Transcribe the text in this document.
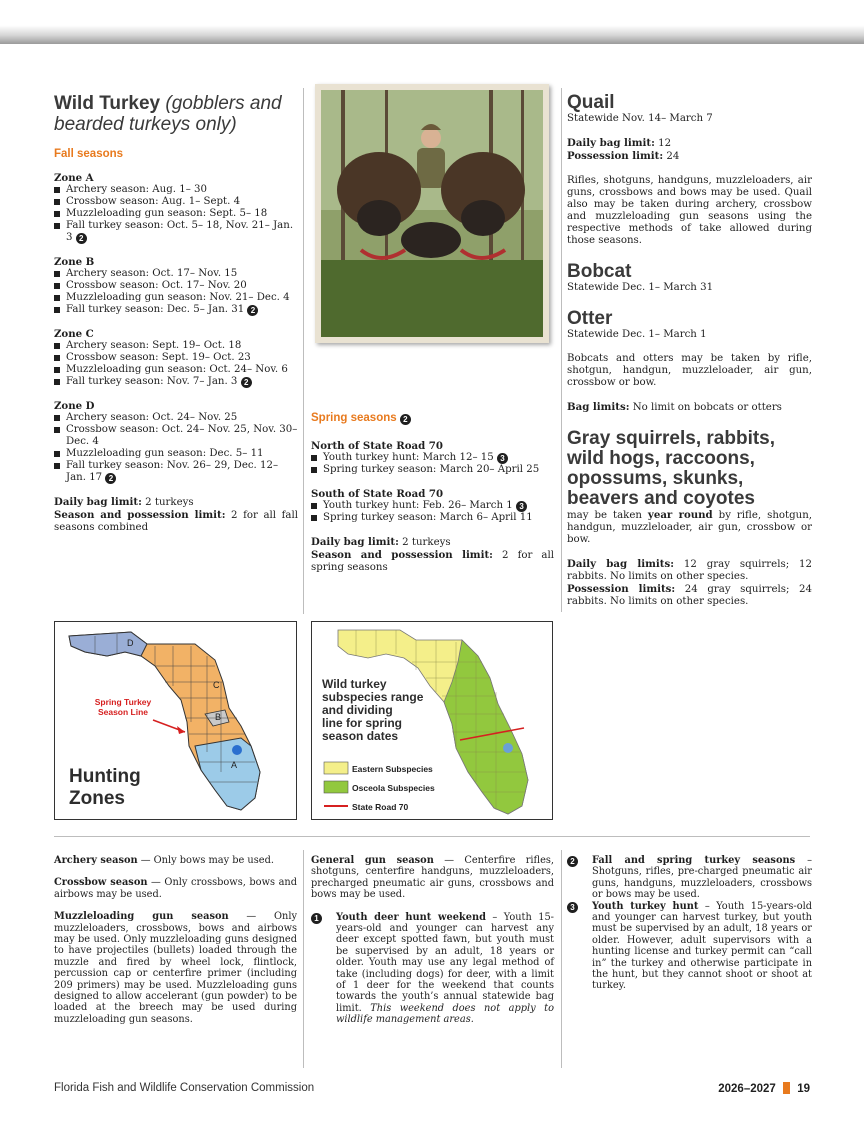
Wild Turkey (gobblers and bearded turkeys only)
Fall seasons
Zone A
Archery season: Aug. 1– 30
Crossbow season: Aug. 1– Sept. 4
Muzzleloading gun season: Sept. 5– 18
Fall turkey season: Oct. 5– 18, Nov. 21– Jan. 3 2
Zone B
Archery season: Oct. 17– Nov. 15
Crossbow season: Oct. 17– Nov. 20
Muzzleloading gun season: Nov. 21– Dec. 4
Fall turkey season: Dec. 5– Jan. 31 2
Zone C
Archery season: Sept. 19– Oct. 18
Crossbow season: Sept. 19– Oct. 23
Muzzleloading gun season: Oct. 24– Nov. 6
Fall turkey season: Nov. 7– Jan. 3 2
Zone D
Archery season: Oct. 24– Nov. 25
Crossbow season: Oct. 24– Nov. 25, Nov. 30– Dec. 4
Muzzleloading gun season: Dec. 5– 11
Fall turkey season: Nov. 26– 29, Dec. 12– Jan. 17 2
Daily bag limit: 2 turkeys
Season and possession limit: 2 for all fall seasons combined
D
C
B
A
Spring Turkey
Season Line
Hunting
Zones
Spring seasons 2
North of State Road 70
Youth turkey hunt: March 12– 15 3
Spring turkey season: March 20– April 25
South of State Road 70
Youth turkey hunt: Feb. 26– March 1 3
Spring turkey season: March 6– April 11
Daily bag limit: 2 turkeys
Season and possession limit: 2 for all spring seasons
Wild turkey subspecies range and dividing line for spring season dates
Eastern Subspecies
Osceola Subspecies
State Road 70
Quail
Statewide Nov. 14– March 7
Daily bag limit: 12
Possession limit: 24
Rifles, shotguns, handguns, muzzleloaders, air guns, crossbows and bows may be used. Quail also may be taken during archery, crossbow and muzzleloading gun seasons using the respective methods of take allowed during those seasons.
Bobcat
Statewide Dec. 1– March 31
Otter
Statewide Dec. 1– March 1
Bobcats and otters may be taken by rifle, shotgun, handgun, muzzleloader, air gun, crossbow or bow.
Bag limits: No limit on bobcats or otters
Gray squirrels, rabbits, wild hogs, raccoons, opossums, skunks, beavers and coyotes
may be taken year round by rifle, shotgun, handgun, muzzleloader, air gun, crossbow or bow.
Daily bag limits: 12 gray squirrels; 12 rabbits. No limits on other species.
Possession limits: 24 gray squirrels; 24 rabbits. No limits on other species.
Archery season — Only bows may be used.
Crossbow season — Only crossbows, bows and airbows may be used.
Muzzleloading gun season — Only muzzleloaders, crossbows, bows and airbows may be used. Only muzzleloading guns designed to have projectiles (bullets) loaded through the muzzle and fired by wheel lock, flintlock, percussion cap or centerfire primer (including 209 primers) may be used. Muzzleloading guns designed to allow accelerant (gun powder) to be loaded at the breech may be used during muzzleloading gun seasons.
General gun season — Centerfire rifles, shotguns, centerfire handguns, muzzleloaders, precharged pneumatic air guns, crossbows and bows may be used.
1	Youth deer hunt weekend – Youth 15-years-old and younger can harvest any deer except spotted fawn, but youth must be supervised by an adult, 18 years or older. Youth may use any legal method of take (including dogs) for deer, with a limit of 1 deer for the weekend that counts towards the youth’s annual statewide bag limit. This weekend does not apply to wildlife management areas.
2	Fall and spring turkey seasons – Shotguns, rifles, pre-charged pneumatic air guns, handguns, muzzleloaders, crossbows or bows may be used.
3	Youth turkey hunt – Youth 15-years-old and younger can harvest turkey, but youth must be supervised by an adult, 18 years or older. However, adult supervisors with a hunting license and turkey permit can “call in” the turkey and otherwise participate in the hunt, but they cannot shoot or shoot at turkey.
Florida Fish and Wildlife Conservation Commission	2026–2027 19
